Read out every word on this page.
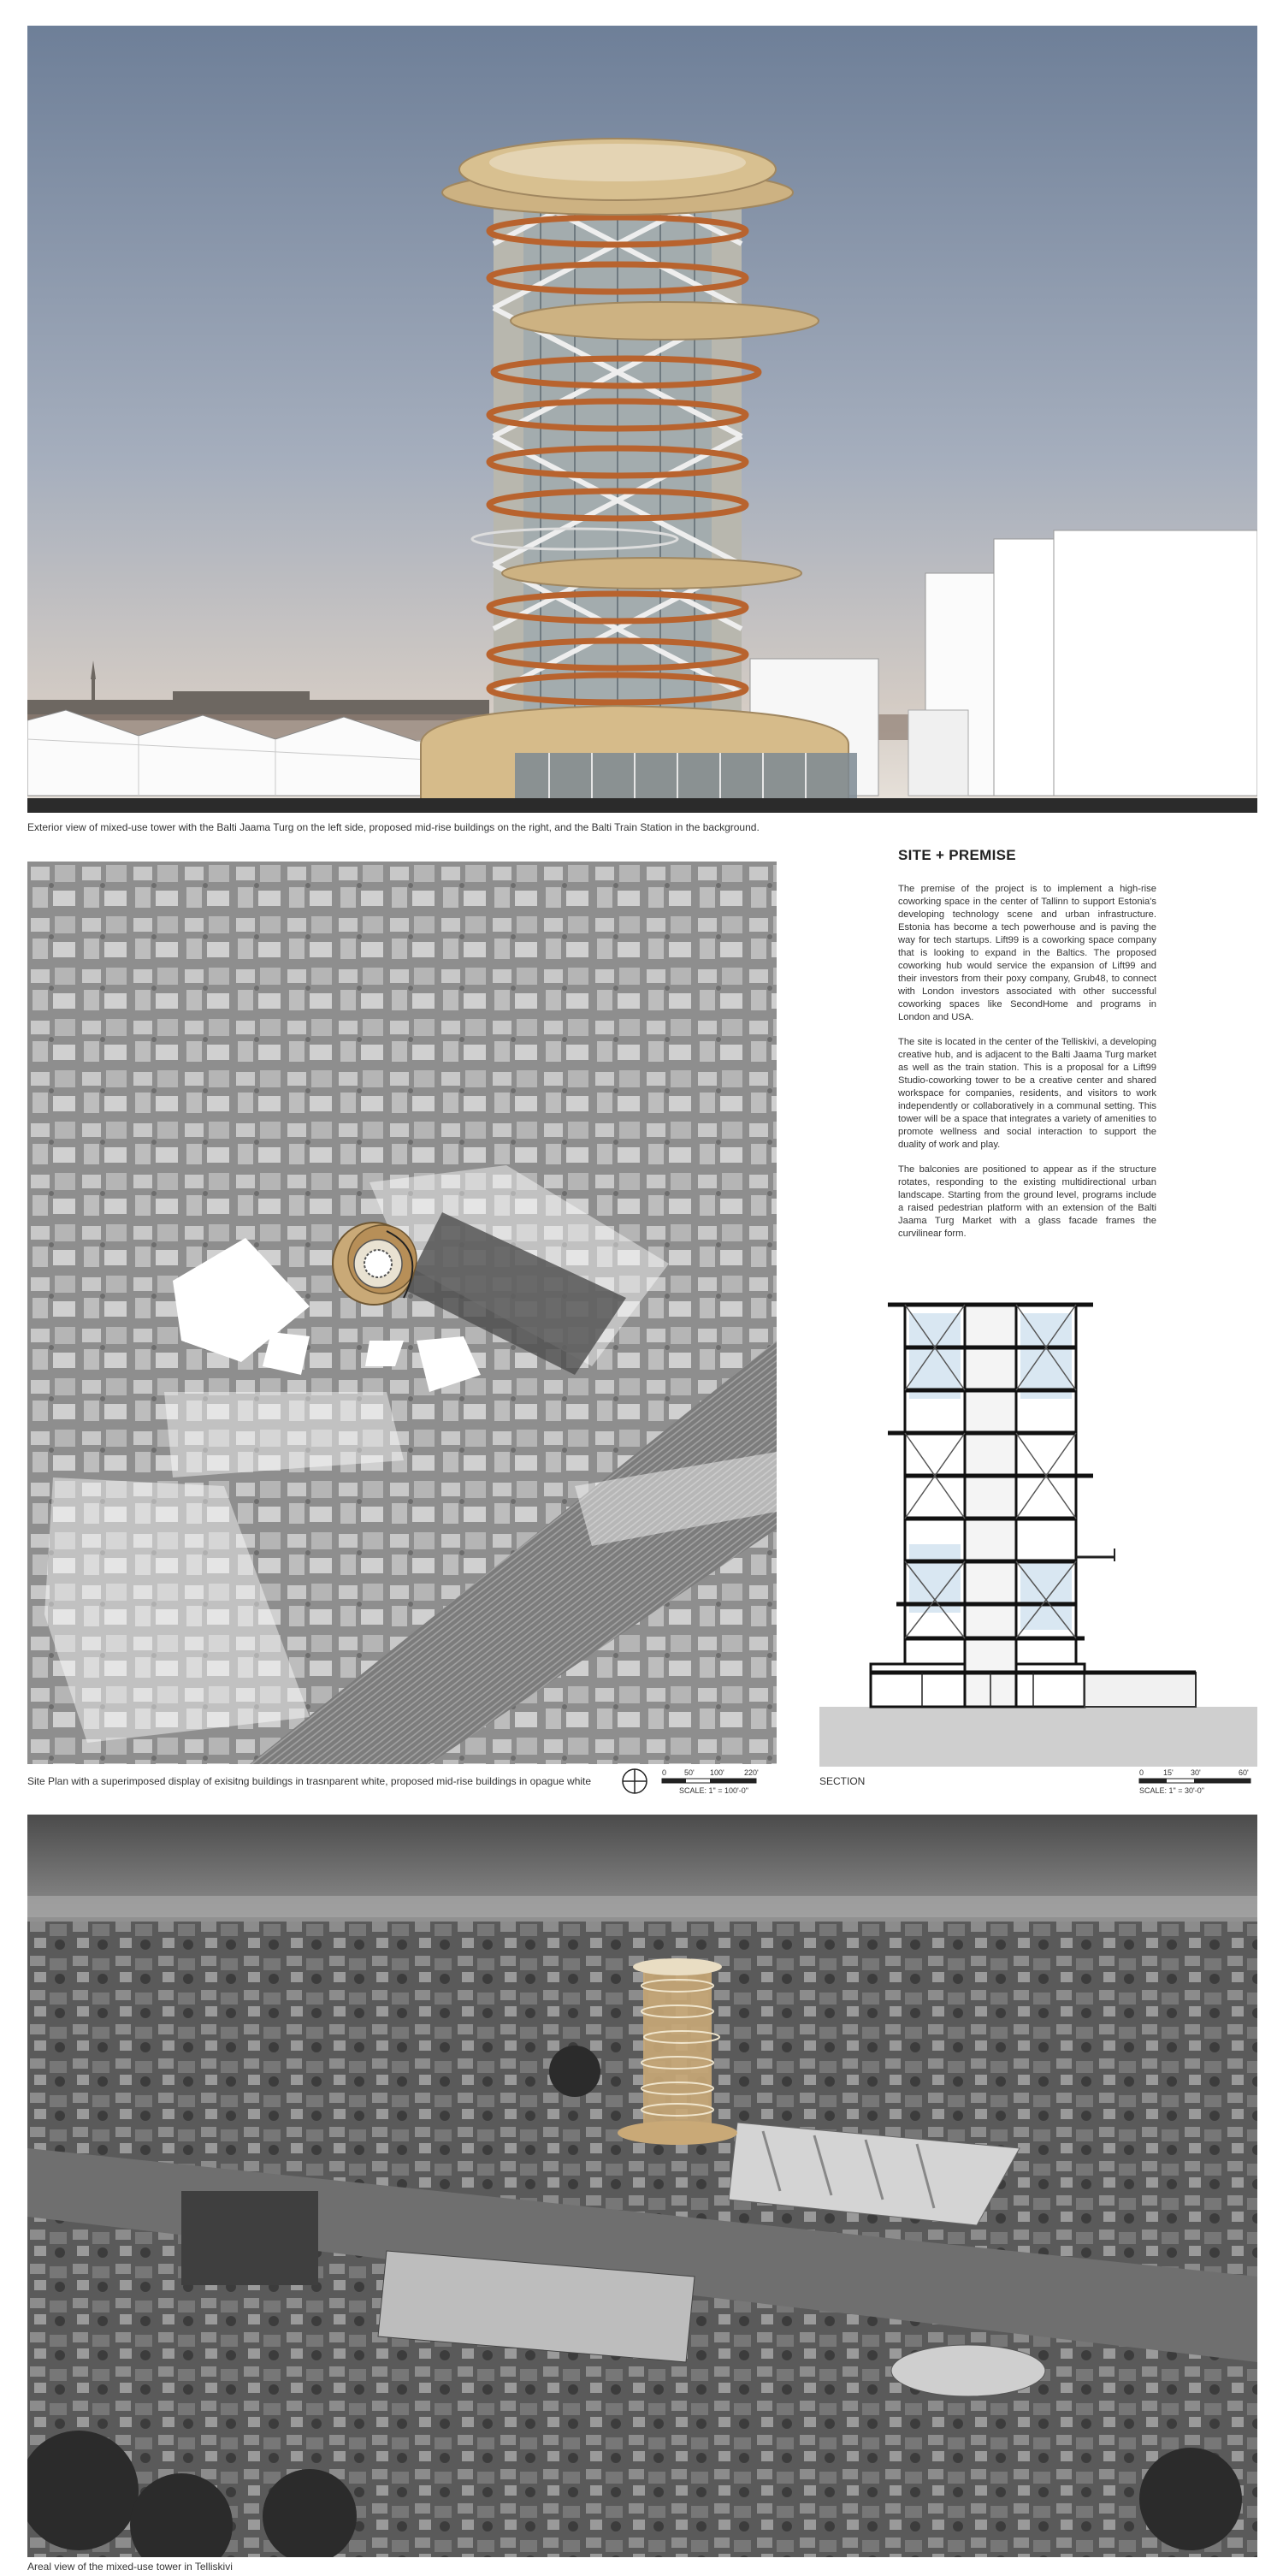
Exterior view of mixed-use tower with the Balti Jaama Turg on the left side, proposed mid-rise buildings on the right, and the Balti Train Station in the background.
Site Plan with a superimposed display of exisitng buildings in trasnparent white, proposed mid-rise buildings in opague white
0 50' 100'	220'
SCALE: 1" = 100'-0"
SITE + PREMISE

The premise of the project is to implement a high-rise coworking space in the center of Tallinn to support Estonia's developing technology scene and urban infrastructure. Estonia has become a tech powerhouse and is paving the way for tech startups. Lift99 is a coworking space company that is looking to expand in the Baltics. The proposed coworking hub would service the expansion of Lift99 and their investors from their poxy company, Grub48, to connect with London investors associated with other successful coworking spaces like SecondHome and programs in London and USA.

The site is located in the center of the Telliskivi, a developing creative hub, and is adjacent to the Balti Jaama Turg market as well as the train station. This is a proposal for a Lift99 Studio-coworking tower to be a creative center and shared workspace for companies, residents, and visitors to work independently or collaboratively in a communal setting. This tower will be a space that integrates a variety of amenities to promote wellness and social interaction to support the duality of work and play.

The balconies are positioned to appear as if the structure rotates, responding to the existing multidirectional urban landscape. Starting from the ground level, programs include a raised pedestrian platform with an extension of the Balti Jaama Turg Market with a glass facade frames the curvilinear form.

SECTION
0	15' 30'	60'
SCALE: 1" = 30'-0"
Areal view of the mixed-use tower in Telliskivi
